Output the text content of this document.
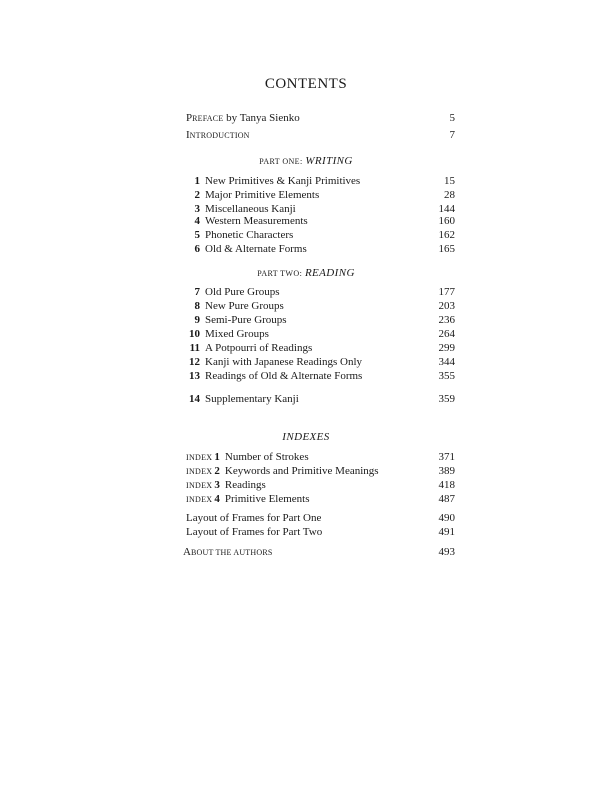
CONTENTS
PREFACE by Tanya Sienko	5
INTRODUCTION	7
PART ONE: WRITING
1 New Primitives & Kanji Primitives	15
2 Major Primitive Elements	28
3 Miscellaneous Kanji	144
4 Western Measurements	160
5 Phonetic Characters	162
6 Old & Alternate Forms	165
PART TWO: READING
7 Old Pure Groups	177
8 New Pure Groups	203
9 Semi-Pure Groups	236
10 Mixed Groups	264
11 A Potpourri of Readings	299
12 Kanji with Japanese Readings Only	344
13 Readings of Old & Alternate Forms	355
14 Supplementary Kanji	359
INDEXES
INDEX 1 Number of Strokes	371
INDEX 2 Keywords and Primitive Meanings	389
INDEX 3 Readings	418
INDEX 4 Primitive Elements	487
Layout of Frames for Part One	490
Layout of Frames for Part Two	491
ABOUT THE AUTHORS	493
